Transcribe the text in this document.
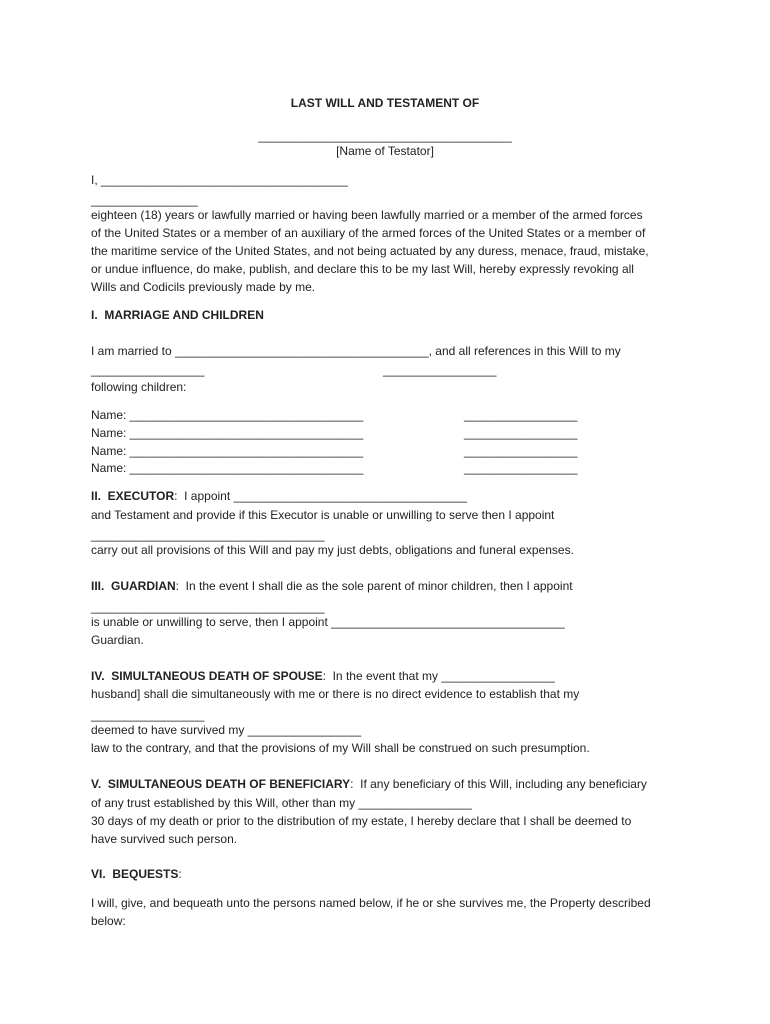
LAST WILL AND TESTAMENT OF
______________________________________
[Name of Testator]
I, _____________________________________
________________
eighteen (18) years or lawfully married or having been lawfully married or a member of the armed forces
of the United States or a member of an auxiliary of the armed forces of the United States or a member of
the maritime service of the United States, and not being actuated by any duress, menace, fraud, mistake,
or undue influence, do make, publish, and declare this to be my last Will, hereby expressly revoking all
Wills and Codicils previously made by me.
I.  MARRIAGE AND CHILDREN
I am married to ______________________________________, and all references in this Will to my
_________________	_________________
following children:
Name: ___________________________________	_________________
Name: ___________________________________	_________________
Name: ___________________________________	_________________
Name: ___________________________________	_________________
II.  EXECUTOR:  I appoint ___________________________________
and Testament and provide if this Executor is unable or unwilling to serve then I appoint
___________________________________
carry out all provisions of this Will and pay my just debts, obligations and funeral expenses.
III.  GUARDIAN:  In the event I shall die as the sole parent of minor children, then I appoint
___________________________________
is unable or unwilling to serve, then I appoint ___________________________________
Guardian.
IV.  SIMULTANEOUS DEATH OF SPOUSE:  In the event that my _________________
husband] shall die simultaneously with me or there is no direct evidence to establish that my
_________________
deemed to have survived my _________________
law to the contrary, and that the provisions of my Will shall be construed on such presumption.
V.  SIMULTANEOUS DEATH OF BENEFICIARY:  If any beneficiary of this Will, including any beneficiary
of any trust established by this Will, other than my _________________
30 days of my death or prior to the distribution of my estate, I hereby declare that I shall be deemed to
have survived such person.
VI.  BEQUESTS:
I will, give, and bequeath unto the persons named below, if he or she survives me, the Property described
below:
